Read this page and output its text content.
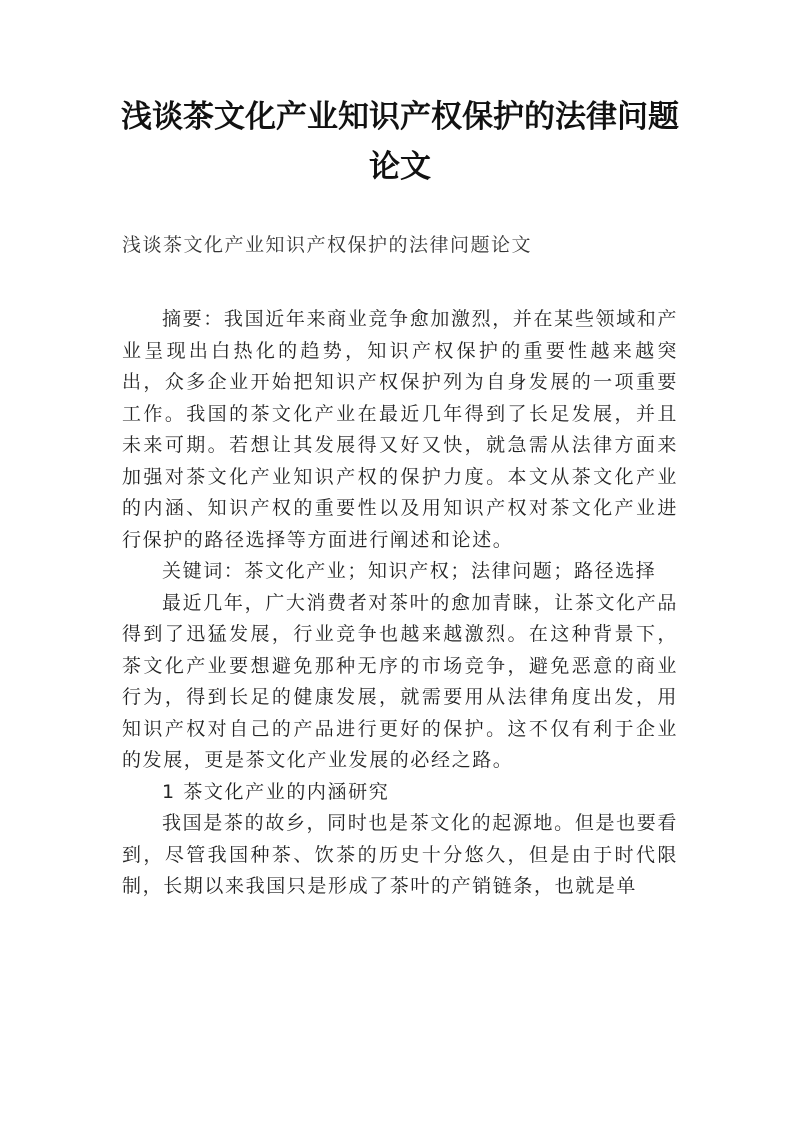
浅谈茶文化产业知识产权保护的法律问题论文
浅谈茶文化产业知识产权保护的法律问题论文

摘要：我国近年来商业竞争愈加激烈，并在某些领域和产业呈现出白热化的趋势，知识产权保护的重要性越来越突出，众多企业开始把知识产权保护列为自身发展的一项重要工作。我国的茶文化产业在最近几年得到了长足发展，并且未来可期。若想让其发展得又好又快，就急需从法律方面来加强对茶文化产业知识产权的保护力度。本文从茶文化产业的内涵、知识产权的重要性以及用知识产权对茶文化产业进行保护的路径选择等方面进行阐述和论述。

关键词：茶文化产业；知识产权；法律问题；路径选择

最近几年，广大消费者对茶叶的愈加青睐，让茶文化产品得到了迅猛发展，行业竞争也越来越激烈。在这种背景下，茶文化产业要想避免那种无序的市场竞争，避免恶意的商业行为，得到长足的健康发展，就需要用从法律角度出发，用知识产权对自己的产品进行更好的保护。这不仅有利于企业的发展，更是茶文化产业发展的必经之路。

1 茶文化产业的内涵研究

我国是茶的故乡，同时也是茶文化的起源地。但是也要看到，尽管我国种茶、饮茶的历史十分悠久，但是由于时代限制，长期以来我国只是形成了茶叶的产销链条，也就是单
